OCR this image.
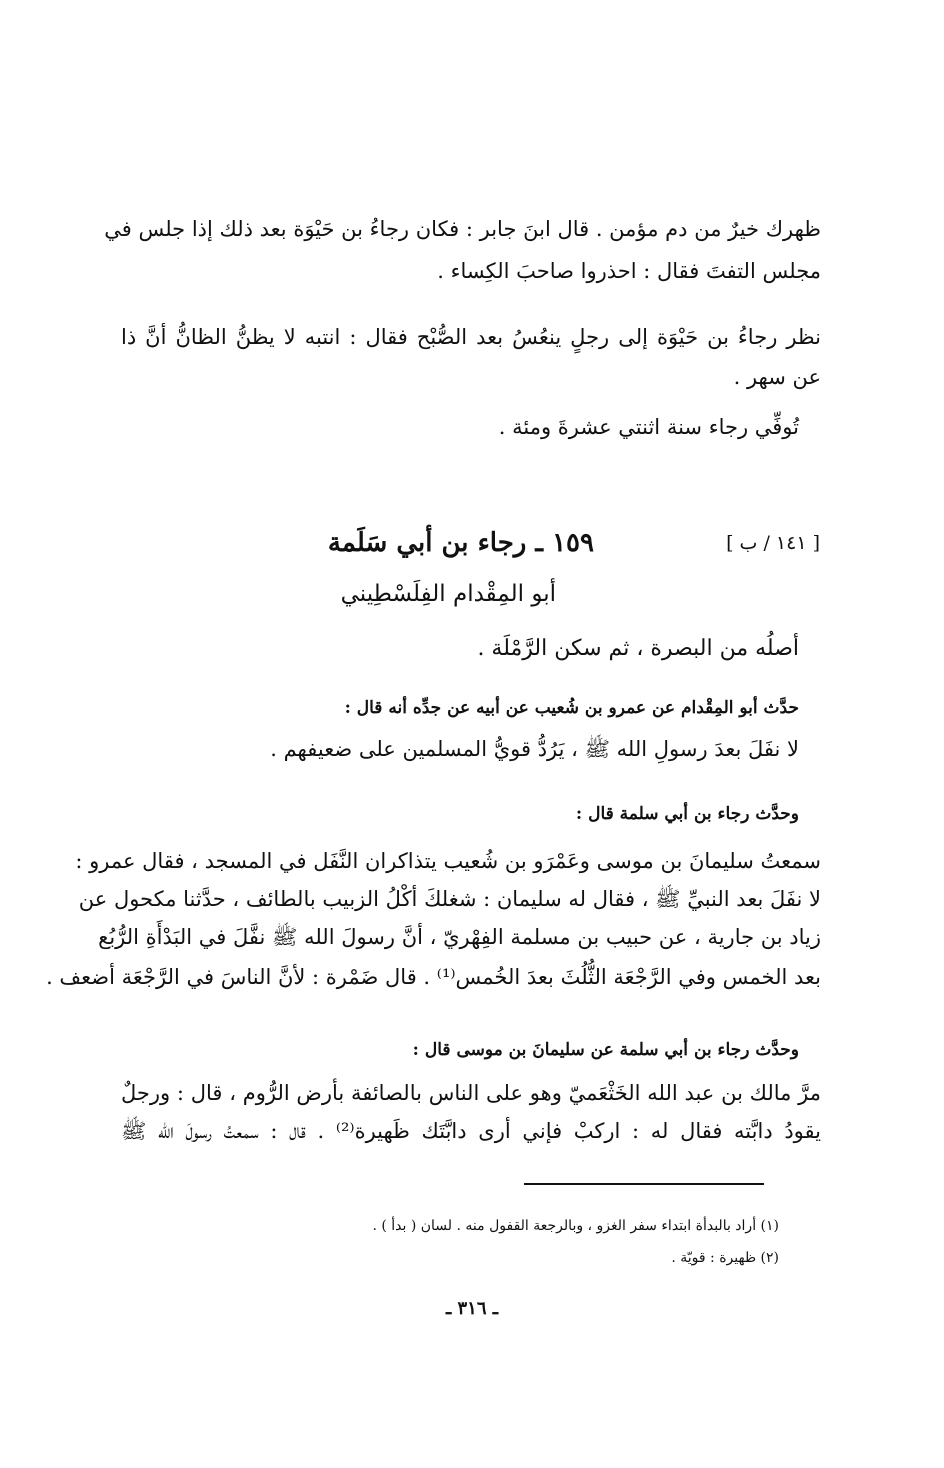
ظهرك خيرٌ من دم مؤمن . قال ابنَ جابر : فكان رجاءُ بن حَيْوَة بعد ذلك إذا جلس في
مجلس التفتَ فقال : احذروا صاحبَ الكِساء .
نظر رجاءُ بن حَيْوَة إلى رجلٍ ينعُسُ بعد الصُّبْح فقال : انتبه لا يظنُّ الظانُّ أنَّ ذا
عن سهر .
تُوفِّي رجاء سنة اثنتي عشرةَ ومئة .
[ ١٤١ / ب ]
١٥٩ ـ رجاء بن أبي سَلَمة
أبو المِقْدام الفِلَسْطِيني
أصلُه من البصرة ، ثم سكن الرَّمْلَة .
حدَّث أبو المِقْدام عن عمرو بن شُعيب عن أبيه عن جدِّه أنه قال :
لا نفَلَ بعدَ رسولِ الله ﷺ ، يَرُدُّ قويُّ المسلمين على ضعيفهم .
وحدَّث رجاء بن أبي سلمة قال :
سمعتُ سليمانَ بن موسى وعَمْرَو بن شُعيب يتذاكران النَّفَل في المسجد ، فقال عمرو :
لا نفَلَ بعد النبيِّ ﷺ ، فقال له سليمان : شغلكَ أكْلُ الزبيب بالطائف ، حدَّثنا مكحول عن
زياد بن جارية ، عن حبيب بن مسلمة الفِهْريّ ، أنَّ رسولَ الله ﷺ نفَّلَ في البَدْأَةِ الرُّبُع
بعد الخمس وفي الرَّجْعَة الثُّلُثَ بعدَ الخُمس⁽¹⁾ . قال ضَمْرة : لأنَّ الناسَ في الرَّجْعَة أضعف .
وحدَّث رجاء بن أبي سلمة عن سليمانَ بن موسى قال :
مرَّ مالك بن عبد الله الخَثْعَميّ وهو على الناس بالصائفة بأرض الرُّوم ، قال : ورجلٌ
يقودُ دابَّته فقال له : اركبْ فإني أرى دابَّتَك ظَهيرة⁽²⁾ . قال : سمعتُ رسولَ الله ﷺ
(١) أراد بالبدأة ابتداء سفر الغزو ، وبالرجعة القفول منه . لسان ( بدأ ) .
(٢) ظهيرة : قويّة .
ـ ٣١٦ ـ
